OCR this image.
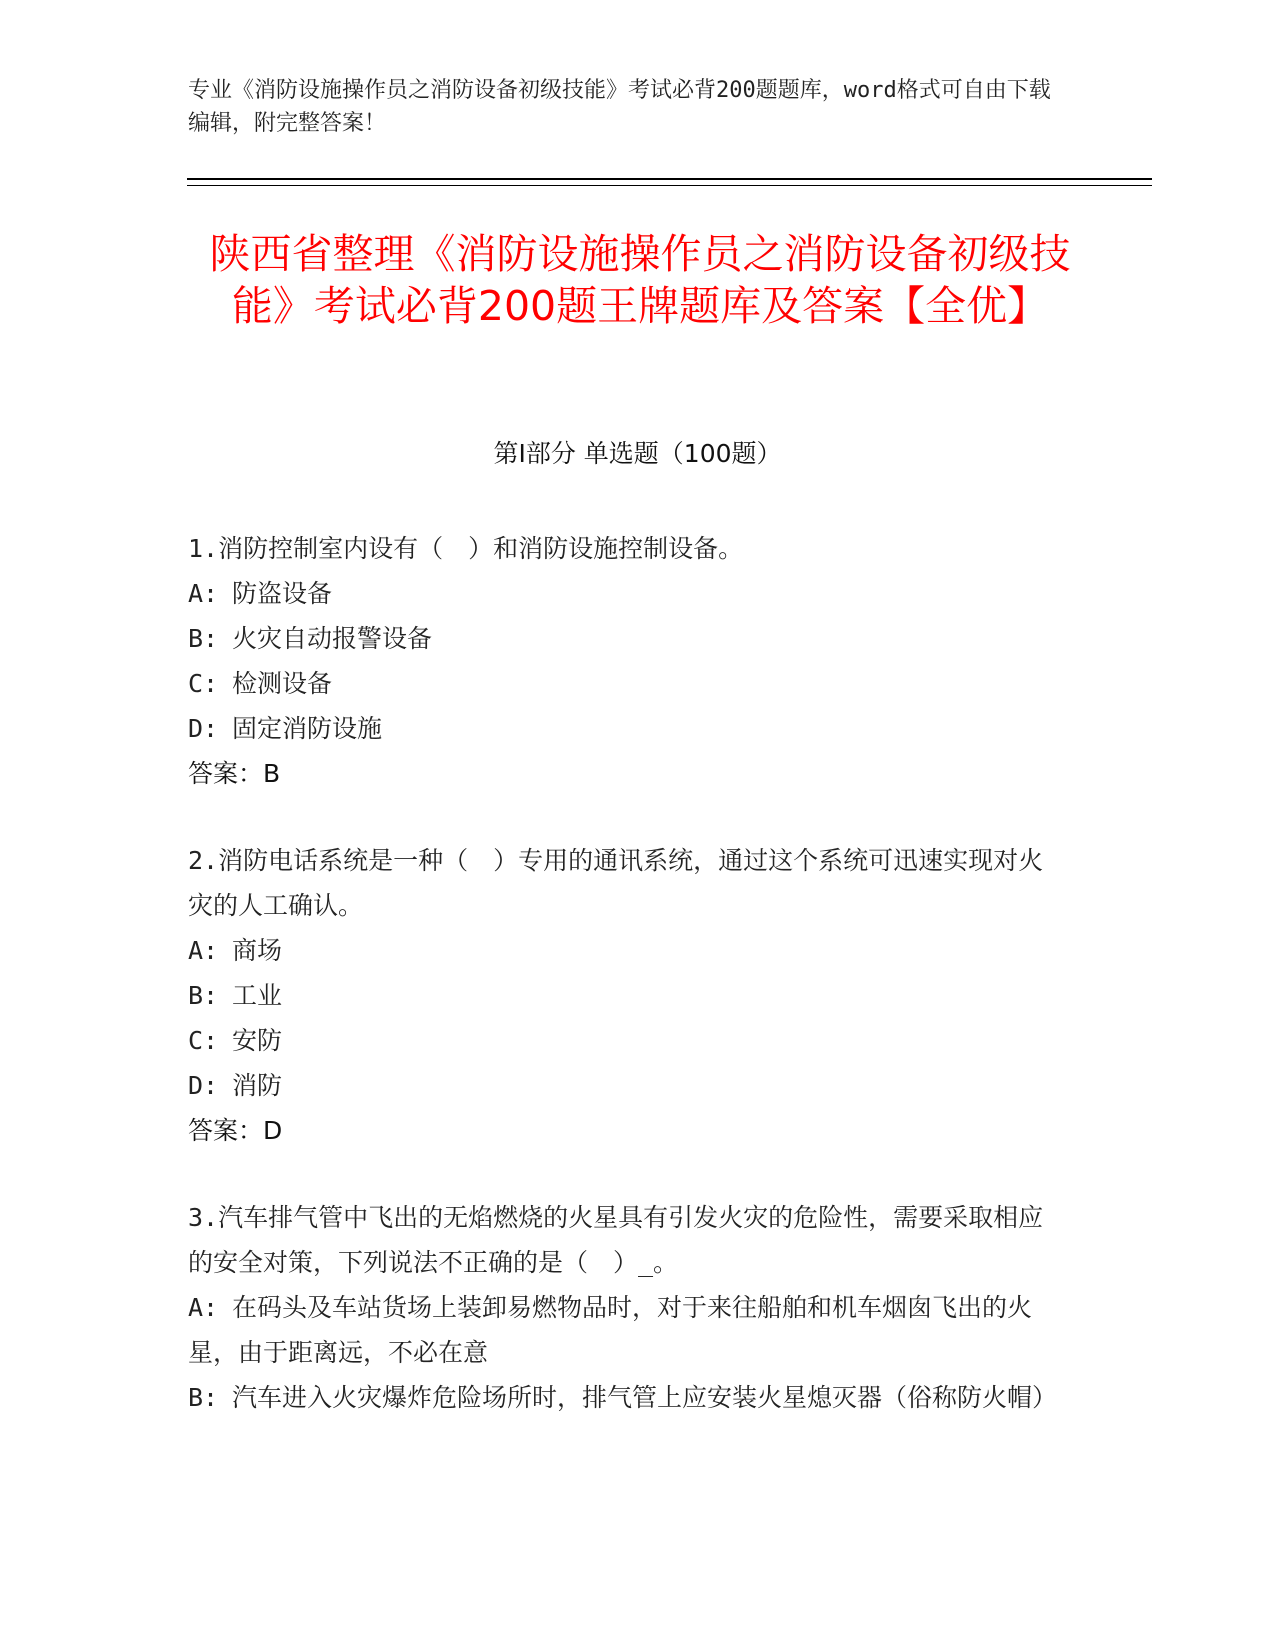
专业《消防设施操作员之消防设备初级技能》考试必背200题题库，word格式可自由下载编辑，附完整答案！
陕西省整理《消防设施操作员之消防设备初级技能》考试必背200题王牌题库及答案【全优】
第Ⅰ部分 单选题（100题）
1.消防控制室内设有（　）和消防设施控制设备。
A: 防盗设备
B: 火灾自动报警设备
C: 检测设备
D: 固定消防设施
答案：B
2.消防电话系统是一种（　）专用的通讯系统，通过这个系统可迅速实现对火灾的人工确认。
A: 商场
B: 工业
C: 安防
D: 消防
答案：D
3.汽车排气管中飞出的无焰燃烧的火星具有引发火灾的危险性，需要采取相应的安全对策，下列说法不正确的是（　）_。
A: 在码头及车站货场上装卸易燃物品时，对于来往船舶和机车烟囱飞出的火星，由于距离远，不必在意
B: 汽车进入火灾爆炸危险场所时，排气管上应安装火星熄灭器（俗称防火帽）
